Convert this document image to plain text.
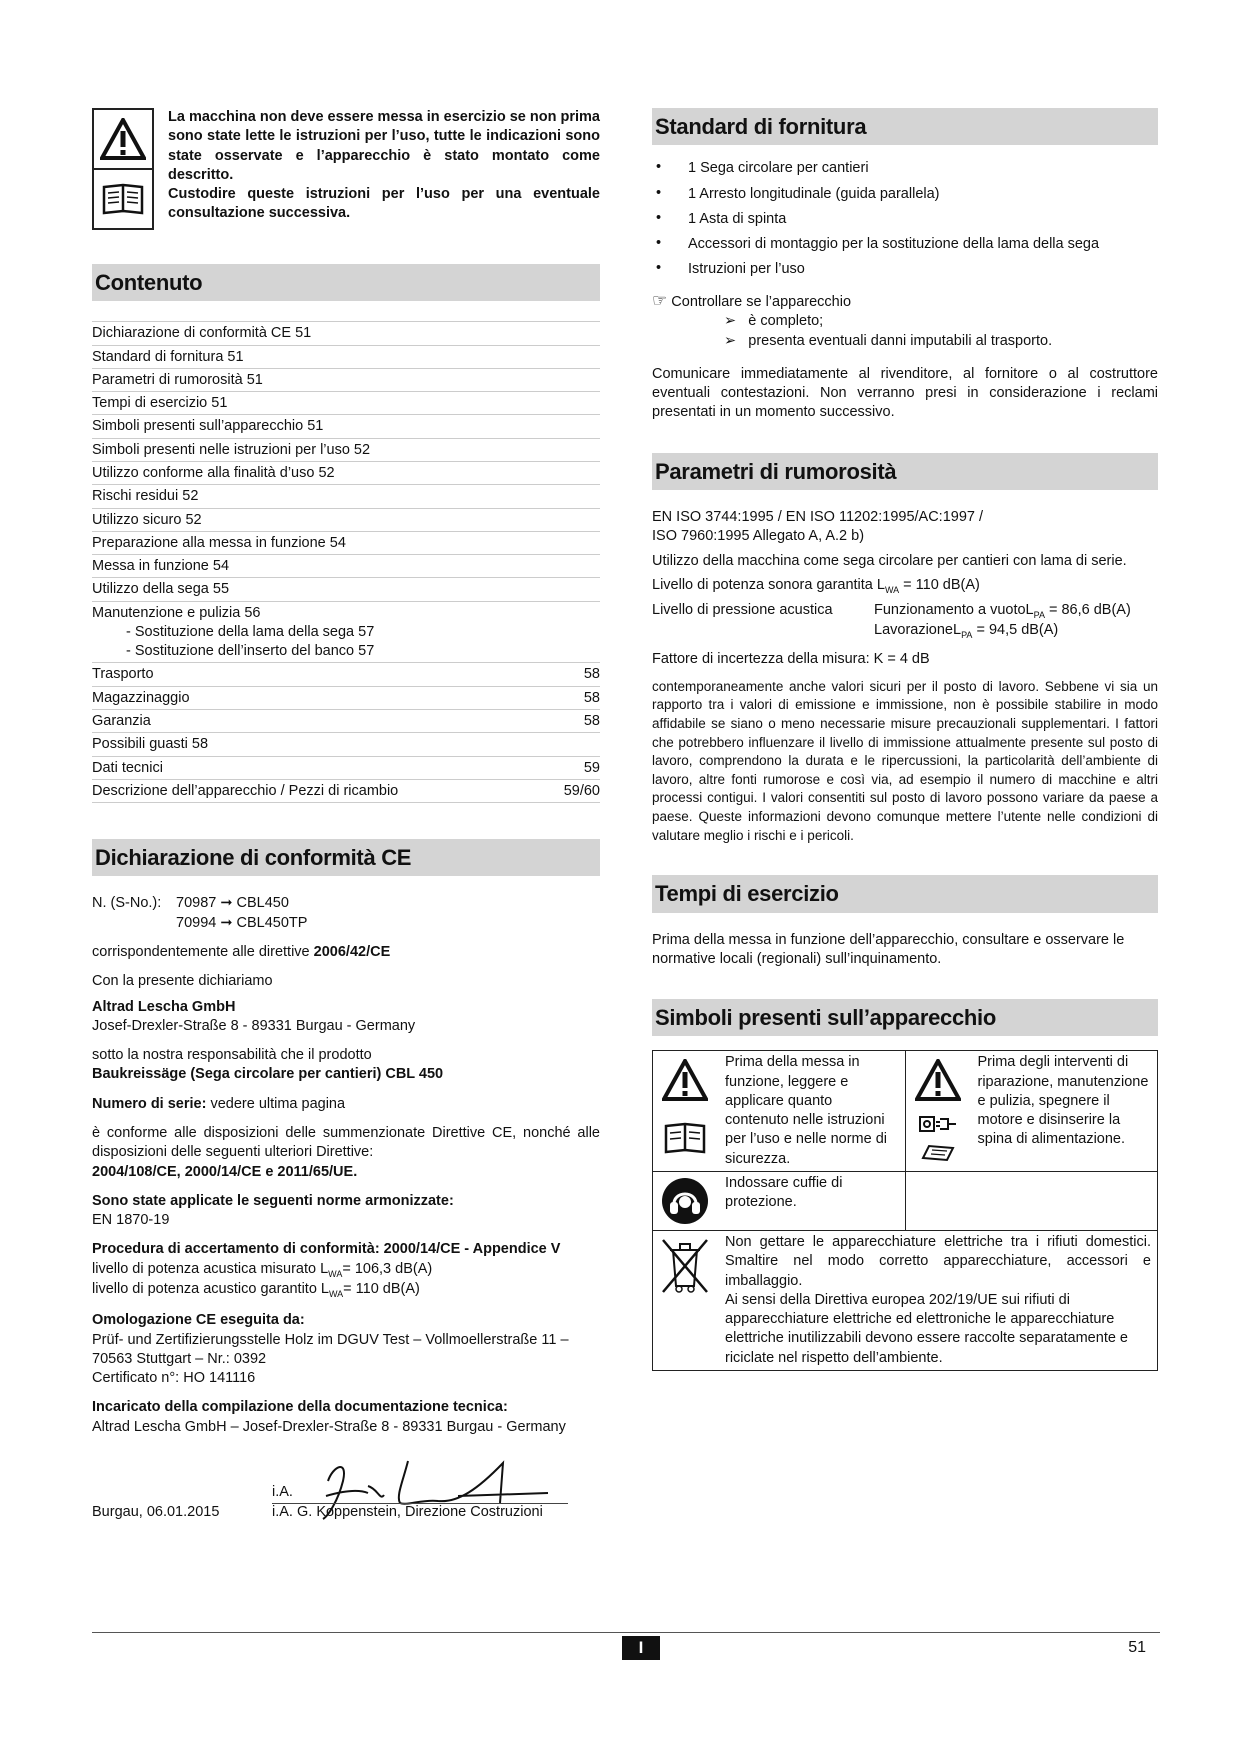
La macchina non deve essere messa in esercizio se non prima sono state lette le istruzioni per l’uso, tutte le indicazioni sono state osservate e l’apparecchio è stato montato come descritto.

Custodire queste istruzioni per l’uso per una eventuale consultazione successiva.

Contenuto
Dichiarazione di conformità CE 51
Standard di fornitura 51
Parametri di rumorosità 51
Tempi di esercizio 51
Simboli presenti sull’apparecchio 51
Simboli presenti nelle istruzioni per l’uso 52
Utilizzo conforme alla finalità d’uso 52
Rischi residui 52
Utilizzo sicuro 52
Preparazione alla messa in funzione 54
Messa in funzione 54
Utilizzo della sega 55
Manutenzione e pulizia 56
- Sostituzione della lama della sega 57
- Sostituzione dell’inserto del banco 57
Trasporto	58
Magazzinaggio	58
Garanzia	58
Possibili guasti 58
Dati tecnici	59
Descrizione dell’apparecchio / Pezzi di ricambio	59/60
Dichiarazione di conformità CE
N. (S-No.):	70987 ➞ CBL450
70994 ➞ CBL450TP

corrispondentemente alle direttive 2006/42/CE

Con la presente dichiariamo

Altrad Lescha GmbH

Josef-Drexler-Straße 8 - 89331 Burgau - Germany

sotto la nostra responsabilità che il prodotto

Baukreissäge (Sega circolare per cantieri) CBL 450

Numero di serie: vedere ultima pagina

è conforme alle disposizioni delle summenzionate Direttive CE, nonché alle disposizioni delle seguenti ulteriori Direttive:

2004/108/CE, 2000/14/CE e 2011/65/UE.

Sono state applicate le seguenti norme armonizzate:

EN 1870-19

Procedura di accertamento di conformità: 2000/14/CE - Appendice V

livello di potenza acustica misurato $L_{WA}= 106,3$ dB(A)

livello di potenza acustico garantito $L_{WA}= 110$ dB(A)

Omologazione CE eseguita da:

Prüf- und Zertifizierungsstelle Holz im DGUV Test – Vollmoellerstraße 11 – 70563 Stuttgart – Nr.: 0392

Certificato n°: HO 141116

Incaricato della compilazione della documentazione tecnica:

Altrad Lescha GmbH – Josef-Drexler-Straße 8 - 89331 Burgau - Germany

i.A.
Burgau, 06.01.2015	i.A. G. Koppenstein, Direzione Costruzioni
Standard di fornitura
• 1 Sega circolare per cantieri
• 1 Arresto longitudinale (guida parallela)
• 1 Asta di spinta
• Accessori di montaggio per la sostituzione della lama della sega
• Istruzioni per l’uso

☞ Controllare se l’apparecchio

➢ è completo;

➢ presenta eventuali danni imputabili al trasporto.

Comunicare immediatamente al rivenditore, al fornitore o al costruttore eventuali contestazioni. Non verranno presi in considerazione i reclami presentati in un momento successivo.

Parametri di rumorosità

EN ISO 3744:1995 / EN ISO 11202:1995/AC:1997 / ISO 7960:1995 Allegato A, A.2 b)

Utilizzo della macchina come sega circolare per cantieri con lama di serie.

Livello di potenza sonora garantita $L_{WA} = 110$ dB(A)

Livello di pressione acustica	Funzionamento a vuotoL$_{PA}$ = 86,6 dB(A)
LavorazioneL$_{PA}$ = 94,5 dB(A)

Fattore di incertezza della misura: K = 4 dB

contemporaneamente anche valori sicuri per il posto di lavoro. Sebbene vi sia un rapporto tra i valori di emissione e immissione, non è possibile stabilire in modo affidabile se siano o meno necessarie misure precauzionali supplementari. I fattori che potrebbero influenzare il livello di immissione attualmente presente sul posto di lavoro, comprendono la durata e le ripercussioni, la particolarità dell’ambiente di lavoro, altre fonti rumorose e così via, ad esempio il numero di macchine e altri processi contigui. I valori consentiti sul posto di lavoro possono variare da paese a paese. Queste informazioni devono comunque mettere l’utente nelle condizioni di valutare meglio i rischi e i pericoli.

Tempi di esercizio

Prima della messa in funzione dell’apparecchio, consultare e osservare le normative locali (regionali) sull’inquinamento.

Simboli presenti sull’apparecchio
Prima della messa in funzione, leggere e applicare quanto contenuto nelle istruzioni per l’uso e nelle norme di sicurezza.	Prima degli interventi di riparazione, manutenzione e pulizia, spegnere il motore e disinserire la spina di alimentazione.

Indossare cuffie di protezione.	

Non gettare le apparecchiature elettriche tra i rifiuti domestici. Smaltire nel modo corretto apparecchiature, accessori e imballaggio.

Ai sensi della Direttiva europea 202/19/UE sui rifiuti di apparecchiature elettriche ed elettroniche le apparecchiature elettriche inutilizzabili devono essere raccolte separatamente e riciclate nel rispetto dell’ambiente.	

I	51
